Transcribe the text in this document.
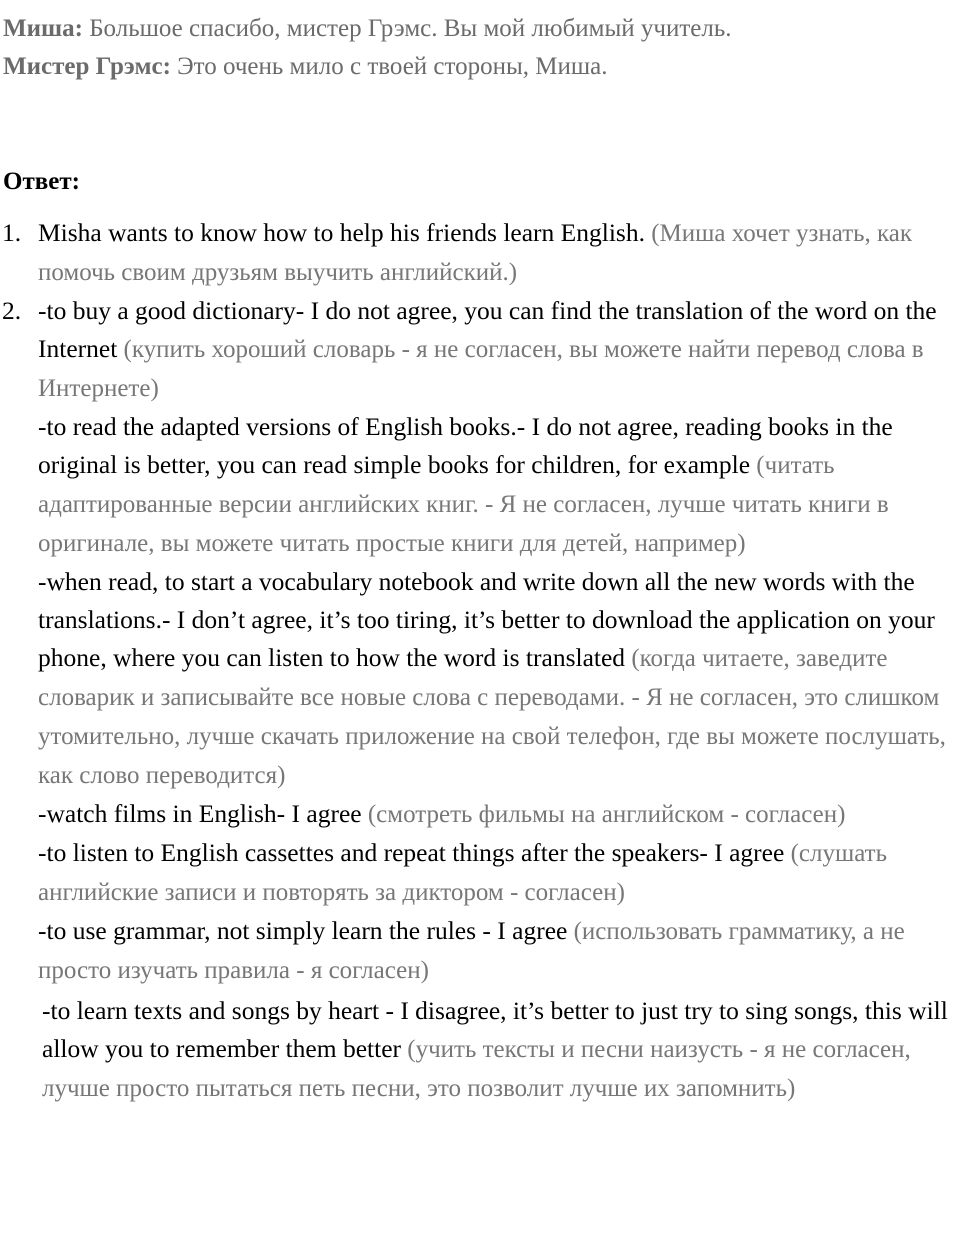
Миша: Большое спасибо, мистер Грэмс. Вы мой любимый учитель.
Мистер Грэмс: Это очень мило с твоей стороны, Миша.
Ответ:
1. Misha wants to know how to help his friends learn English. (Миша хочет узнать, как помочь своим друзьям выучить английский.)
2. -to buy a good dictionary- I do not agree, you can find the translation of the word on the Internet (купить хороший словарь - я не согласен, вы можете найти перевод слова в Интернете)
-to read the adapted versions of English books.- I do not agree, reading books in the original is better, you can read simple books for children, for example (читать адаптированные версии английских книг. - Я не согласен, лучше читать книги в оригинале, вы можете читать простые книги для детей, например)
-when read, to start a vocabulary notebook and write down all the new words with the translations.- I don’t agree, it’s too tiring, it’s better to download the application on your phone, where you can listen to how the word is translated (когда читаете, заведите словарик и записывайте все новые слова с переводами. - Я не согласен, это слишком утомительно, лучше скачать приложение на свой телефон, где вы можете послушать, как слово переводится)
-watch films in English- I agree (смотреть фильмы на английском - согласен)
-to listen to English cassettes and repeat things after the speakers- I agree (слушать английские записи и повторять за диктором - согласен)
-to use grammar, not simply learn the rules - I agree (использовать грамматику, а не просто изучать правила - я согласен)
-to learn texts and songs by heart - I disagree, it’s better to just try to sing songs, this will allow you to remember them better (учить тексты и песни наизусть - я не согласен, лучше просто пытаться петь песни, это позволит лучше их запомнить)
